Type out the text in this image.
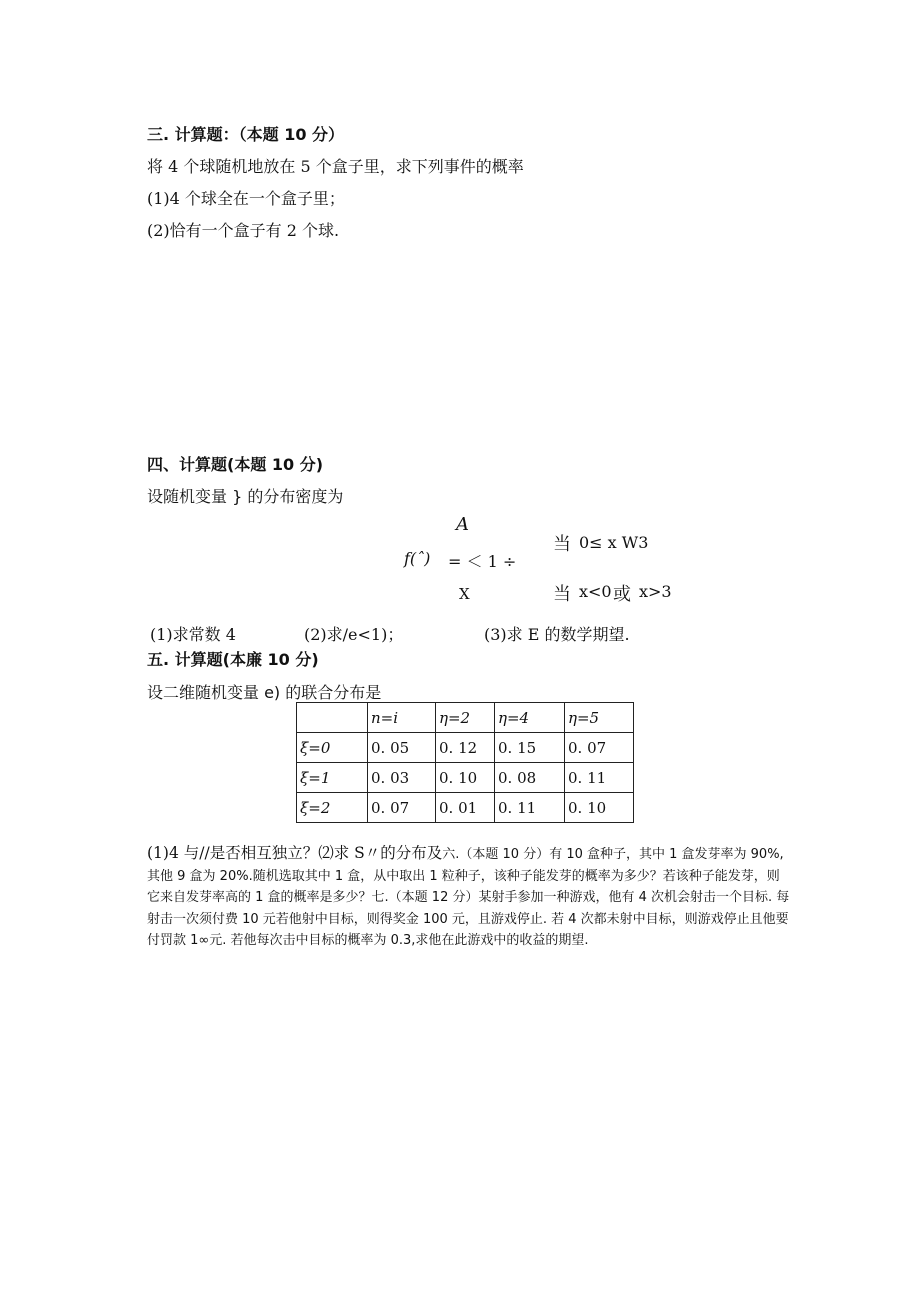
三. 计算题：（本题 10 分）
将 4 个球随机地放在 5 个盒子里，求下列事件的概率
(1)4 个球全在一个盒子里；
(2)恰有一个盒子有 2 个球.
四、计算题(本题 10 分)
设随机变量 } 的分布密度为
A
f(ˆ) = ＜ 1 ÷
X
当 0≤ x W3
当 x<0 或 x>3
(1)求常数 4	(2)求/e<1)；	(3)求 E 的数学期望.
五. 计算题(本廉 10 分)
设二维随机变量 e) 的联合分布是
	n=i	η=2	η=4	η=5
ξ=0	0. 05	0. 12	0. 15	0. 07
ξ=1	0. 03	0. 10	0. 08	0. 11
ξ=2	0. 07	0. 01	0. 11	0. 10
(1)4 与//是否相互独立？⑵求 S〃的分布及六.（本题 10 分）有 10 盒种子，其中 1 盒发芽率为 90%,其他 9 盒为 20%.随机选取其中 1 盒，从中取出 1 粒种子，该种子能发芽的概率为多少？若该种子能发芽，则它来自发芽率高的 1 盒的概率是多少？七.（本题 12 分）某射手参加一种游戏，他有 4 次机会射击一个目标. 每射击一次须付费 10 元若他射中目标，则得奖金 100 元，且游戏停止. 若 4 次都未射中目标，则游戏停止且他要付罚款 1∞元. 若他每次击中目标的概率为 0.3,求他在此游戏中的收益的期望.
